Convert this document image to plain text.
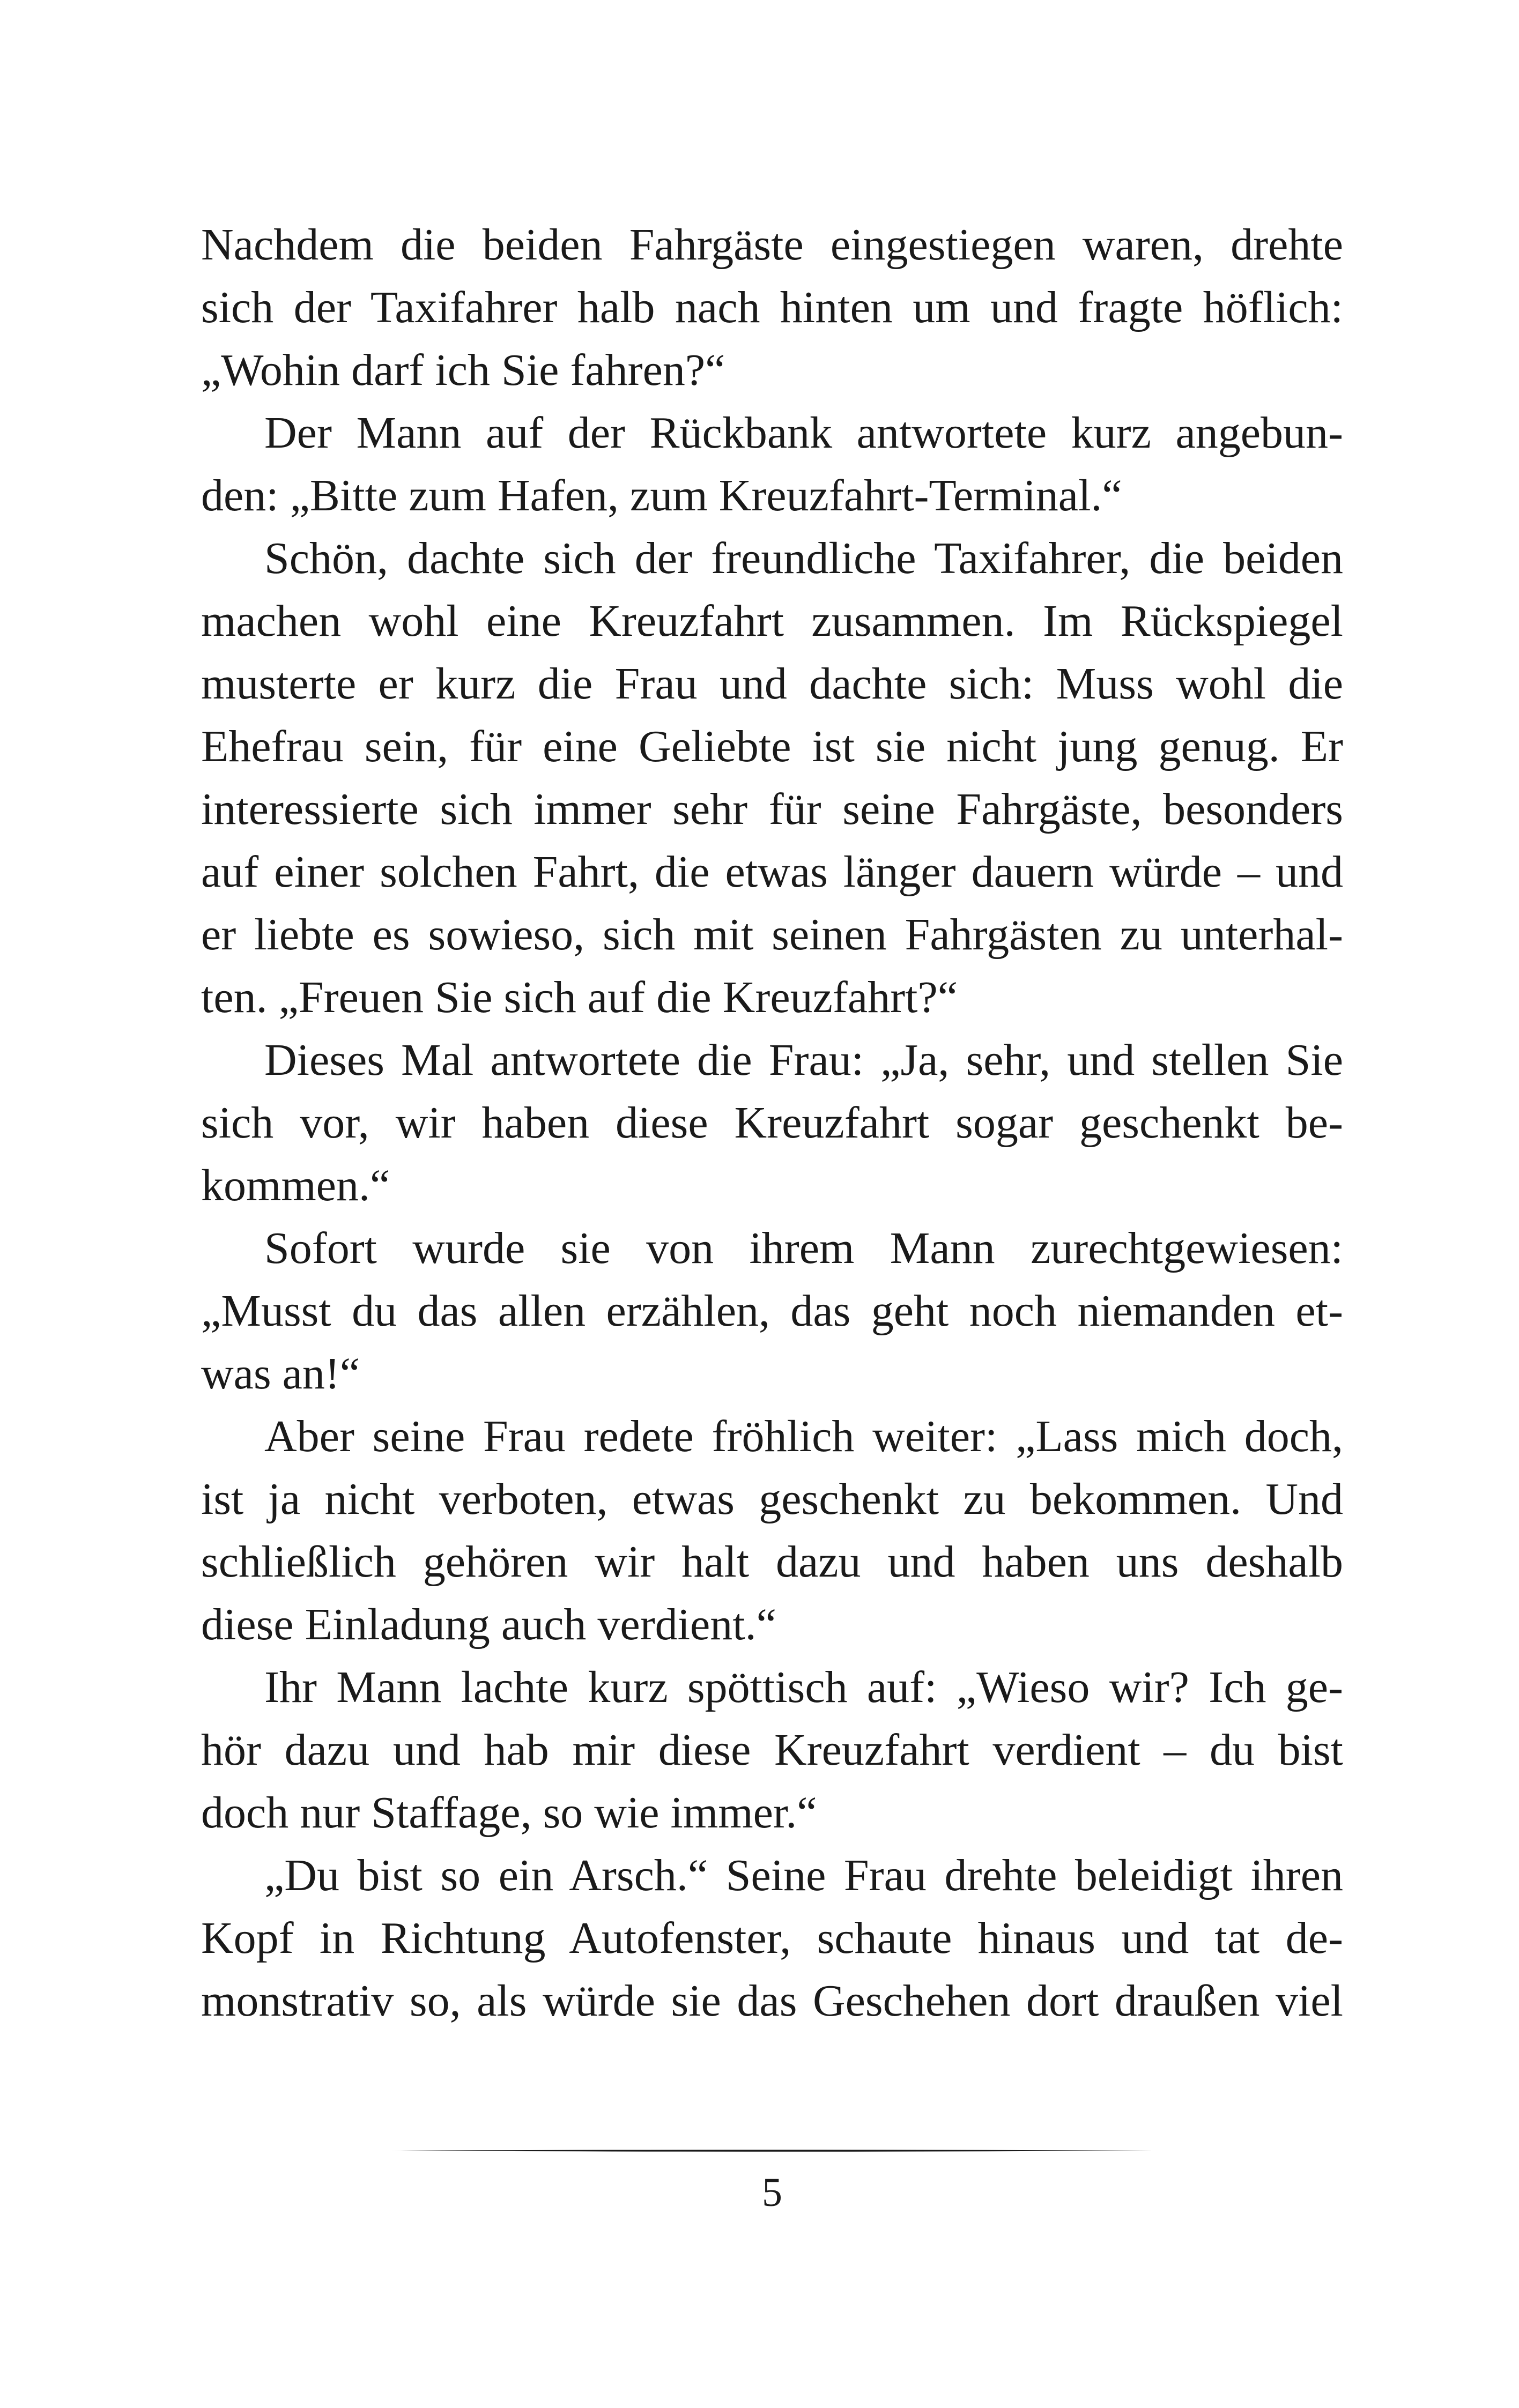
Nachdem die beiden Fahrgäste eingestiegen waren, drehte
sich der Taxifahrer halb nach hinten um und fragte höflich:
„Wohin darf ich Sie fahren?“
Der Mann auf der Rückbank antwortete kurz angebun-
den: „Bitte zum Hafen, zum Kreuzfahrt-Terminal.“
Schön, dachte sich der freundliche Taxifahrer, die beiden
machen wohl eine Kreuzfahrt zusammen. Im Rückspiegel
musterte er kurz die Frau und dachte sich: Muss wohl die
Ehefrau sein, für eine Geliebte ist sie nicht jung genug. Er
interessierte sich immer sehr für seine Fahrgäste, besonders
auf einer solchen Fahrt, die etwas länger dauern würde – und
er liebte es sowieso, sich mit seinen Fahrgästen zu unterhal-
ten. „Freuen Sie sich auf die Kreuzfahrt?“
Dieses Mal antwortete die Frau: „Ja, sehr, und stellen Sie
sich vor, wir haben diese Kreuzfahrt sogar geschenkt be-
kommen.“
Sofort wurde sie von ihrem Mann zurechtgewiesen:
„Musst du das allen erzählen, das geht noch niemanden et-
was an!“
Aber seine Frau redete fröhlich weiter: „Lass mich doch,
ist ja nicht verboten, etwas geschenkt zu bekommen. Und
schließlich gehören wir halt dazu und haben uns deshalb
diese Einladung auch verdient.“
Ihr Mann lachte kurz spöttisch auf: „Wieso wir? Ich ge-
hör dazu und hab mir diese Kreuzfahrt verdient – du bist
doch nur Staffage, so wie immer.“
„Du bist so ein Arsch.“ Seine Frau drehte beleidigt ihren
Kopf in Richtung Autofenster, schaute hinaus und tat de-
monstrativ so, als würde sie das Geschehen dort draußen viel
5
